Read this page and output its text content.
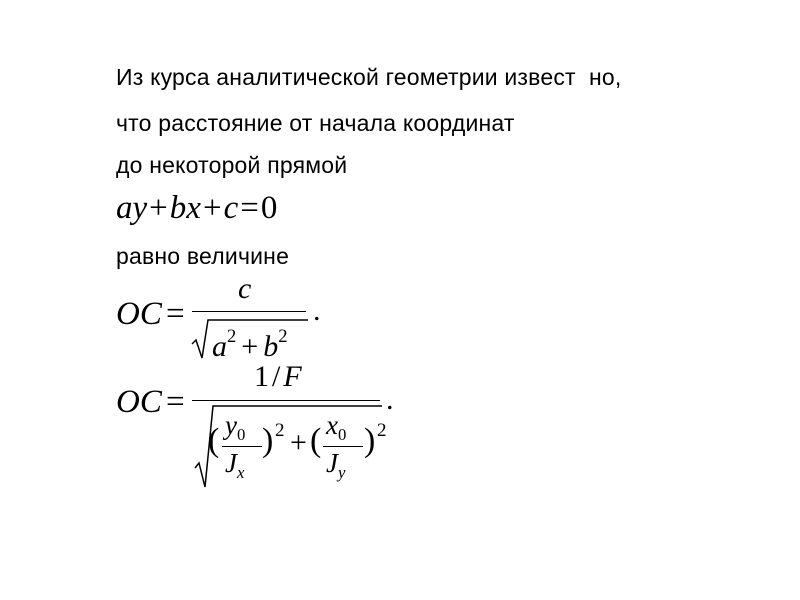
Из курса аналитической геометрии извест  но,
что расстояние от начала координат
до некоторой прямой
ay+bx+c=0
равно величине
OC =
c
$a^2 + b^2$
.
OC =
1 / F
( $y_0$
$J_x$
) 2 + ( $x_0$
$J_y$
) 2
.
